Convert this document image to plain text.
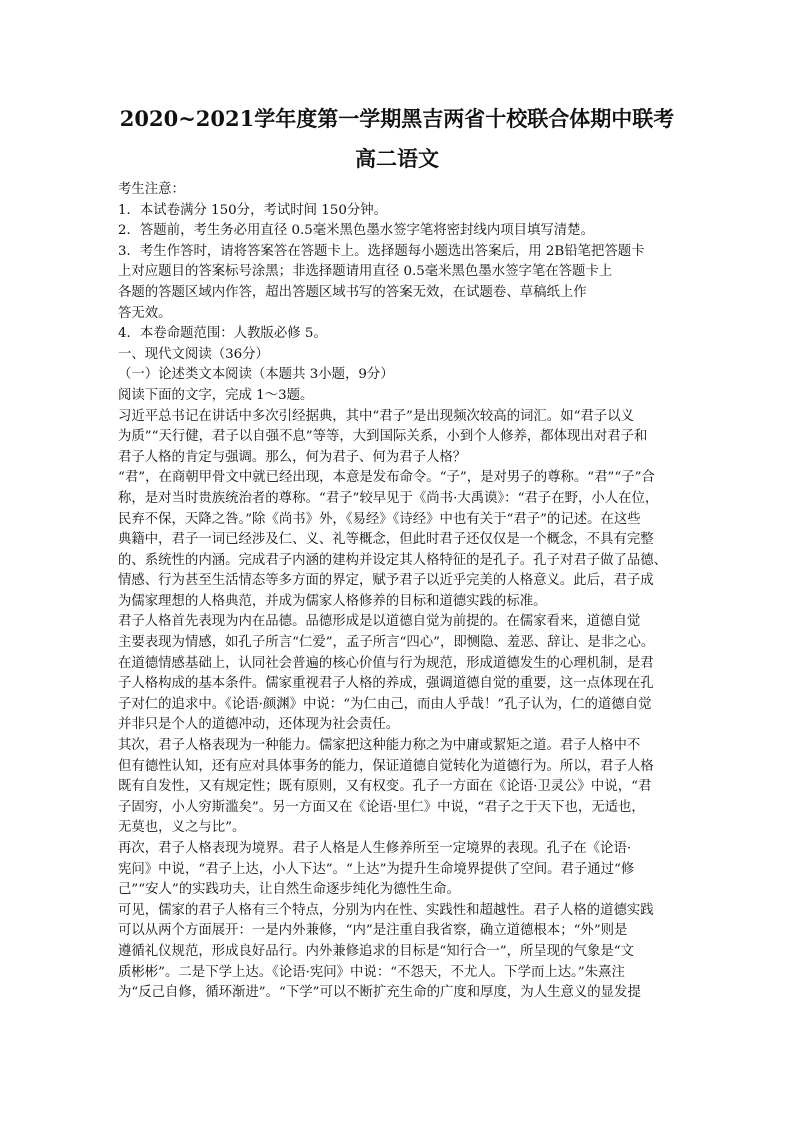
2020~2021学年度第一学期黑吉两省十校联合体期中联考
高二语文

考生注意：

1．本试卷满分 150分，考试时间 150分钟。

2．答题前，考生务必用直径 0.5毫米黑色墨水签字笔将密封线内项目填写清楚。

3．考生作答时，请将答案答在答题卡上。选择题每小题选出答案后，用 2B铅笔把答题卡

上对应题目的答案标号涂黑；非选择题请用直径 0.5毫米黑色墨水签字笔在答题卡上

各题的答题区域内作答，超出答题区域书写的答案无效，在试题卷、草稿纸上作

答无效。

4．本卷命题范围：人教版必修 5。

一、现代文阅读（36分）

（一）论述类文本阅读（本题共 3小题，9分）

阅读下面的文字，完成 1～3题。

习近平总书记在讲话中多次引经据典，其中“君子”是出现频次较高的词汇。如“君子以义

为质”“天行健，君子以自强不息”等等，大到国际关系，小到个人修养，都体现出对君子和

君子人格的肯定与强调。那么，何为君子、何为君子人格？

“君”，在商朝甲骨文中就已经出现，本意是发布命令。“子”，是对男子的尊称。“君”“子”合

称，是对当时贵族统治者的尊称。“君子”较早见于《尚书·大禹谟》：“君子在野，小人在位，

民弃不保，天降之咎。”除《尚书》外，《易经》《诗经》中也有关于“君子”的记述。在这些

典籍中，君子一词已经涉及仁、义、礼等概念，但此时君子还仅仅是一个概念，不具有完整

的、系统性的内涵。完成君子内涵的建构并设定其人格特征的是孔子。孔子对君子做了品德、

情感、行为甚至生活情态等多方面的界定，赋予君子以近乎完美的人格意义。此后，君子成

为儒家理想的人格典范，并成为儒家人格修养的目标和道德实践的标准。

君子人格首先表现为内在品德。品德形成是以道德自觉为前提的。在儒家看来，道德自觉

主要表现为情感，如孔子所言“仁爱”，孟子所言“四心”，即恻隐、羞恶、辞让、是非之心。

在道德情感基础上，认同社会普遍的核心价值与行为规范，形成道德发生的心理机制，是君

子人格构成的基本条件。儒家重视君子人格的养成，强调道德自觉的重要，这一点体现在孔

子对仁的追求中。《论语·颜渊》中说：“为仁由己，而由人乎哉！”孔子认为，仁的道德自觉

并非只是个人的道德冲动，还体现为社会责任。

其次，君子人格表现为一种能力。儒家把这种能力称之为中庸或絜矩之道。君子人格中不

但有德性认知，还有应对具体事务的能力，保证道德自觉转化为道德行为。所以，君子人格

既有自发性，又有规定性；既有原则，又有权变。孔子一方面在《论语·卫灵公》中说，“君

子固穷，小人穷斯滥矣”。另一方面又在《论语·里仁》中说，“君子之于天下也，无适也，

无莫也，义之与比”。

再次，君子人格表现为境界。君子人格是人生修养所至一定境界的表现。孔子在《论语·

宪问》中说，“君子上达，小人下达”。“上达”为提升生命境界提供了空间。君子通过“修

己”“安人”的实践功夫，让自然生命逐步纯化为德性生命。

可见，儒家的君子人格有三个特点，分别为内在性、实践性和超越性。君子人格的道德实践

可以从两个方面展开：一是内外兼修，“内”是注重自我省察，确立道德根本；“外”则是

遵循礼仪规范，形成良好品行。内外兼修追求的目标是“知行合一”，所呈现的气象是“文

质彬彬”。二是下学上达。《论语·宪问》中说：“不怨天，不尤人。下学而上达。”朱熹注

为“反己自修，循环渐进”。“下学”可以不断扩充生命的广度和厚度，为人生意义的显发提
